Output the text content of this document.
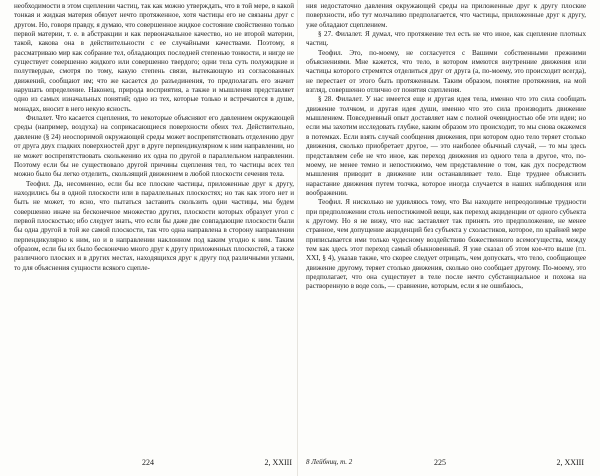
необходимости в этом сцеплении частиц, так как можно утверждать, что в той мере, в какой тонкая и жидкая материя обязует нечто протяженное, хотя частицы его не связаны друг с другом. Но, говоря правду, я думаю, что совершенное жидкое состояние свойственно только первой материи, т. е. в абстракции и как первоначальное качество, но не второй материи, такой, какова она в действительности с ее случайными качествами. Поэтому, я рассматриваю мир как собрание тел, обладающих последней степенью тонкости, и нигде не существует совершенно жидкого или совершенно твердого; одни тела суть полужидкие и полутвердые, смотря по тому, какую степень связи, вытекающую из согласованных движений, сообщают им; что же касается до разъединения, то предполагать его значит нарушать определение. Наконец, природа восприятия, а также и мышления представляет одно из самых изначальных понятий; одно из тех, которые только и встречаются в душе, монадах, вносит в него некую ясность.

Филалет. Что касается сцепления, то некоторые объясняют его давлением окружающей среды (например, воздуха) на соприкасающиеся поверхности обеих тел. Действительно, давление (§ 24) неоспоримой окружающей среды может воспрепятствовать отделению друг от друга двух гладких поверхностей друг в друге перпендикулярном к ним направлении, но не может воспрепятствовать скольжению их одна по другой в параллельном направлении. Поэтому если бы не существовало другой причины сцепления тел, то частицы всех тел можно было бы легко отделить, скользящий движением в любой плоскости сечения тела.

Теофил. Да, несомненно, если бы все плоские частицы, приложенные друг к другу, находились бы в одной плоскости или в параллельных плоскостях; но так как этого нет и быть не может, то ясно, что пытаться заставить скользить одни частицы, мы будем совершенно иначе на бесконечное множество других, плоскости которых образует угол с первой плоскостью; ибо следует знать, что если бы даже две совпадающие плоскости были бы одна другой в той же самой плоскости, так что одна направлена в сторону направлении перпендикулярно к ним, но и в направлении наклонном под каким угодно к ним. Таким образом, если бы их было бесконечно много друг к другу приложенных плоскостей, а также различного плоских и в других местах, находящихся друг к другу под различными углами, то для объяснения сущности всякого сцепле-

224	2, XXIII

ния недостаточно давления окружающей среды на приложенные друг к другу плоские поверхности, ибо тут молчаливо предполагается, что частицы, приложенные друг к другу, уже обладают сцеплением.

§ 27. Филалет. Я думал, что протяжение тел есть не что иное, как сцепление плотных частиц.

Теофил. Это, по-моему, не согласуется с Вашими собственными прежними объяснениями. Мне кажется, что тело, в котором имеются внутренние движения или частицы которого стремятся отделиться друг от друга (а, по-моему, это происходит всегда), не перестает от этого быть протяженным. Таким образом, понятие протяжения, на мой взгляд, совершенно отлично от понятия сцепления.

§ 28. Филалет. У нас имеется еще и другая идея тела, именно что это сила сообщать движение толчком, и другая идея души, именно что это сила производить движение мышлением. Повседневный опыт доставляет нам с полной очевидностью обе эти идеи; но если мы захотим исследовать глубже, каким образом это происходит, то мы снова окажемся в потемках. Если взять случай сообщения движения, при котором одно тело теряет столько движения, сколько приобретает другое, — это наиболее обычный случай, — то мы здесь представляем себе не что иное, как переход движения из одного тела в другое, что, по-моему, не менее темно и непостижимо, чем представление о том, как дух посредством мышления приводит в движение или останавливает тело. Еще труднее объяснить нарастание движения путем толчка, которое иногда случается в наших наблюдения или воображении.

Теофил. Я нисколько не удивляюсь тому, что Вы находите непреодолимые трудности при предположении столь непостижимой вещи, как переход акциденции от одного субъекта к другому. Но я не вижу, что нас заставляет так принять это предположение, не менее странное, чем допущение акциденций без субъекта у схоластиков, которое, по крайней мере приписывается ими только чудесному воздействию божественного всемогущества, между тем как здесь этот переход самый обыкновенный. Я уже сказал об этом кое-что выше (гл. XXI, § 4), указав также, что скорее следует отрицать, чем допускать, что тело, сообщающее движение другому, теряет столько движения, сколько оно сообщает другому. По-моему, это предполагает, что она существует в теле после нечто субстанциальное и похожа на растворенную в воде соль, — сравнение, которым, если я не ошибаюсь,

8 Лейбниц, т. 2	225	2, XXIII
